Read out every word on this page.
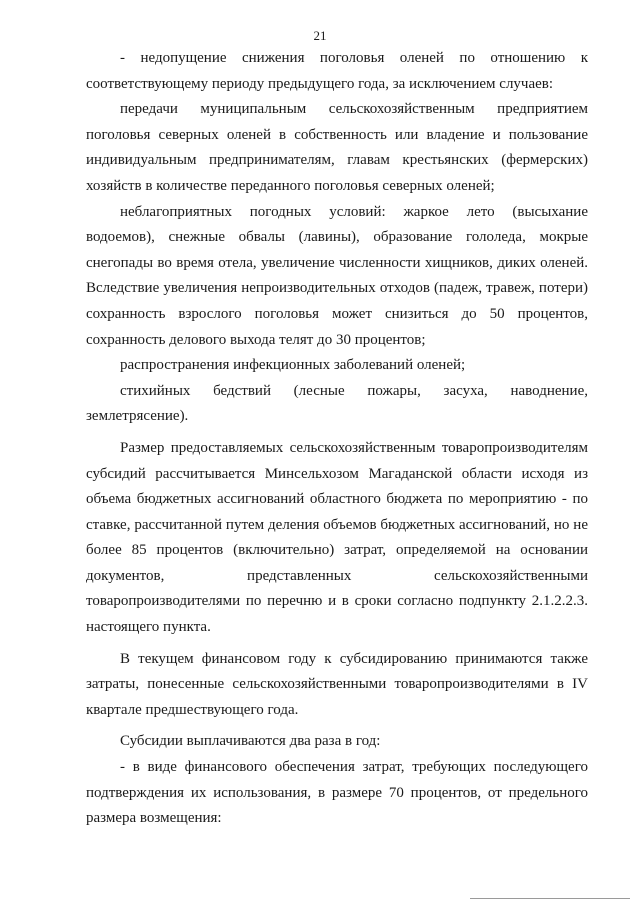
21

- недопущение снижения поголовья оленей по отношению к соответствующему периоду предыдущего года, за исключением случаев:

передачи муниципальным сельскохозяйственным предприятием поголовья северных оленей в собственность или владение и пользование индивидуальным предпринимателям, главам крестьянских (фермерских) хозяйств в количестве переданного поголовья северных оленей;

неблагоприятных погодных условий: жаркое лето (высыхание водоемов), снежные обвалы (лавины), образование гололеда, мокрые снегопады во время отела, увеличение численности хищников, диких оленей. Вследствие увеличения непроизводительных отходов (падеж, травеж, потери) сохранность взрослого поголовья может снизиться до 50 процентов, сохранность делового выхода телят до 30 процентов;

распространения инфекционных заболеваний оленей;

стихийных бедствий (лесные пожары, засуха, наводнение, землетрясение).

Размер предоставляемых сельскохозяйственным товаропроизводителям субсидий рассчитывается Минсельхозом Магаданской области исходя из объема бюджетных ассигнований областного бюджета по мероприятию - по ставке, рассчитанной путем деления объемов бюджетных ассигнований, но не более 85 процентов (включительно) затрат, определяемой на основании документов, представленных сельскохозяйственными товаропроизводителями по перечню и в сроки согласно подпункту 2.1.2.2.3. настоящего пункта.

В текущем финансовом году к субсидированию принимаются также затраты, понесенные сельскохозяйственными товаропроизводителями в IV квартале предшествующего года.

Субсидии выплачиваются два раза в год:

- в виде финансового обеспечения затрат, требующих последующего подтверждения их использования, в размере 70 процентов, от предельного размера возмещения:
